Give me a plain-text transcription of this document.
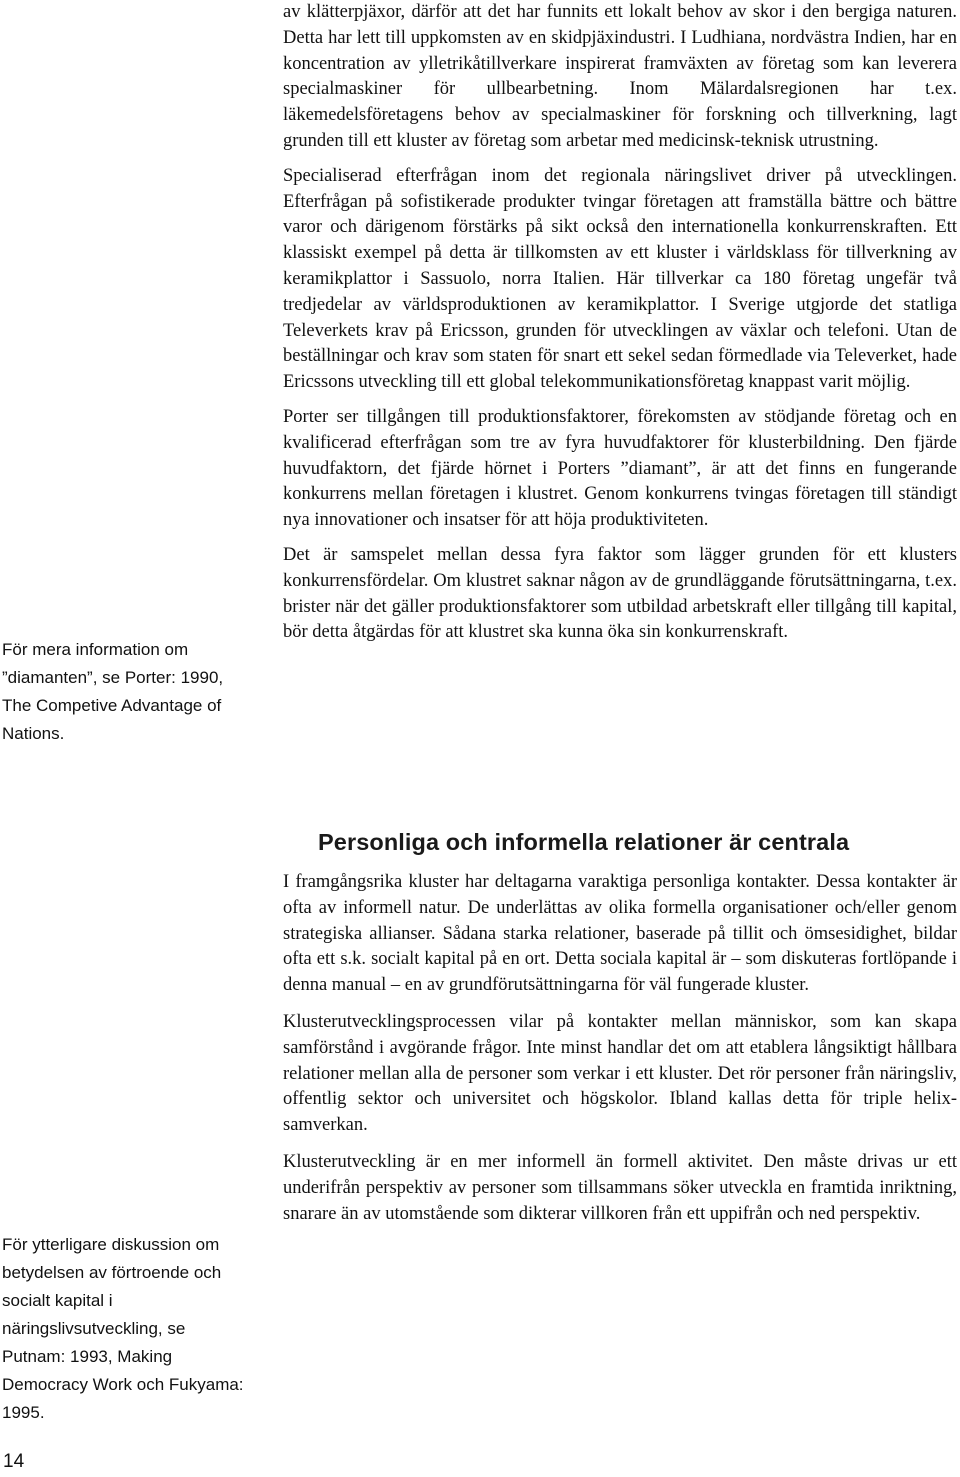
För mera information om ”diamanten”, se Porter: 1990, The Competive Advantage of Nations.

av klätterpjäxor, därför att det har funnits ett lokalt behov av skor i den bergiga naturen. Detta har lett till uppkomsten av en skidpjäxindustri. I Ludhiana, nordvästra Indien, har en koncentration av ylletrikåtillverkare inspirerat framväxten av företag som kan leverera specialmaskiner för ullbearbetning. Inom Mälardalsregionen har t.ex. läkemedelsföretagens behov av specialmaskiner för forskning och tillverkning, lagt grunden till ett kluster av företag som arbetar med medicinsk-teknisk utrustning.

Specialiserad efterfrågan inom det regionala näringslivet driver på utvecklingen. Efterfrågan på sofistikerade produkter tvingar företagen att framställa bättre och bättre varor och därigenom förstärks på sikt också den internationella konkurrenskraften. Ett klassiskt exempel på detta är tillkomsten av ett kluster i världsklass för tillverkning av keramikplattor i Sassuolo, norra Italien. Här tillverkar ca 180 företag ungefär två tredjedelar av världsproduktionen av keramikplattor. I Sverige utgjorde det statliga Televerkets krav på Ericsson, grunden för utvecklingen av växlar och telefoni. Utan de beställningar och krav som staten för snart ett sekel sedan förmedlade via Televerket, hade Ericssons utveckling till ett global telekommunikationsföretag knappast varit möjlig.

Porter ser tillgången till produktionsfaktorer, förekomsten av stödjande företag och en kvalificerad efterfrågan som tre av fyra huvudfaktorer för klusterbildning. Den fjärde huvudfaktorn, det fjärde hörnet i Porters ”diamant”, är att det finns en fungerande konkurrens mellan företagen i klustret. Genom konkurrens tvingas företagen till ständigt nya innovationer och insatser för att höja produktiviteten.

Det är samspelet mellan dessa fyra faktor som lägger grunden för ett klusters konkurrensfördelar. Om klustret saknar någon av de grundläggande förutsättningarna, t.ex. brister när det gäller produktionsfaktorer som utbildad arbetskraft eller tillgång till kapital, bör detta åtgärdas för att klustret ska kunna öka sin konkurrenskraft.

Personliga och informella relationer är centrala

I framgångsrika kluster har deltagarna varaktiga personliga kontakter. Dessa kontakter är ofta av informell natur. De underlättas av olika formella organisationer och/eller genom strategiska allianser. Sådana starka relationer, baserade på tillit och ömsesidighet, bildar ofta ett s.k. socialt kapital på en ort. Detta sociala kapital är – som diskuteras fortlöpande i denna manual – en av grundförutsättningarna för väl fungerade kluster.

Klusterutvecklingsprocessen vilar på kontakter mellan människor, som kan skapa samförstånd i avgörande frågor. Inte minst handlar det om att etablera långsiktigt hållbara relationer mellan alla de personer som verkar i ett kluster. Det rör personer från näringsliv, offentlig sektor och universitet och högskolor. Ibland kallas detta för triple helix-samverkan.

Klusterutveckling är en mer informell än formell aktivitet. Den måste drivas ur ett underifrån perspektiv av personer som tillsammans söker utveckla en framtida inriktning, snarare än av utomstående som dikterar villkoren från ett uppifrån och ned perspektiv.

För ytterligare diskussion om betydelsen av förtroende och socialt kapital i näringslivsutveckling, se Putnam: 1993, Making Democracy Work och Fukyama: 1995.

14
